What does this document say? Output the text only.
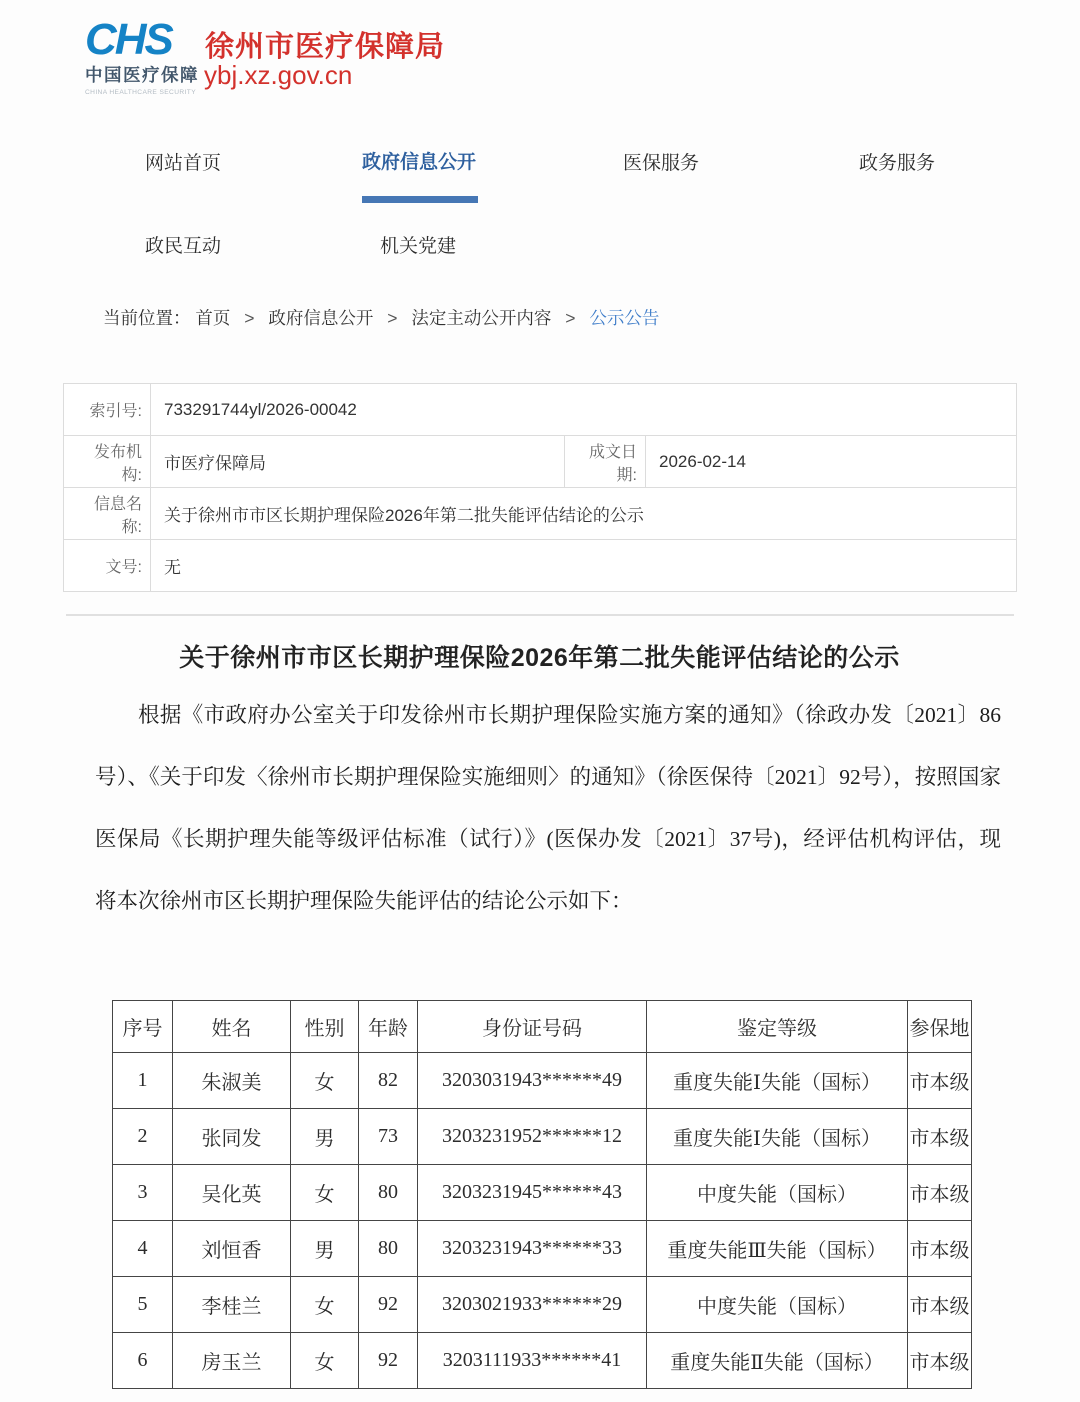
CHS
中国医疗保障
CHINA HEALTHCARE SECURITY
徐州市医疗保障局
ybj.xz.gov.cn
网站首页	政府信息公开	医保服务	政务服务
政民互动	机关党建
当前位置： 首页 > 政府信息公开 > 法定主动公开内容 > 公示公告
索引号:	733291744yl/2026-00042		
发布机构:	市医疗保障局	成文日期:	2026-02-14
信息名称:	关于徐州市市区长期护理保险2026年第二批失能评估结论的公示		
文号:	无		
关于徐州市市区长期护理保险2026年第二批失能评估结论的公示
根据《市政府办公室关于印发徐州市长期护理保险实施方案的通知》（徐政办发〔2021〕86号）、《关于印发〈徐州市长期护理保险实施细则〉的通知》（徐医保待〔2021〕92号），按照国家医保局《长期护理失能等级评估标准（试行）》(医保办发〔2021〕37号)，经评估机构评估，现将本次徐州市区长期护理保险失能评估的结论公示如下：
序号	姓名	性别	年龄	身份证号码	鉴定等级	参保地
1	朱淑美	女	82	3203031943******49	重度失能Ⅰ失能（国标）	市本级
2	张同发	男	73	3203231952******12	重度失能Ⅰ失能（国标）	市本级
3	吴化英	女	80	3203231945******43	中度失能（国标）	市本级
4	刘恒香	男	80	3203231943******33	重度失能Ⅲ失能（国标）	市本级
5	李桂兰	女	92	3203021933******29	中度失能（国标）	市本级
6	房玉兰	女	92	3203111933******41	重度失能Ⅱ失能（国标）	市本级
